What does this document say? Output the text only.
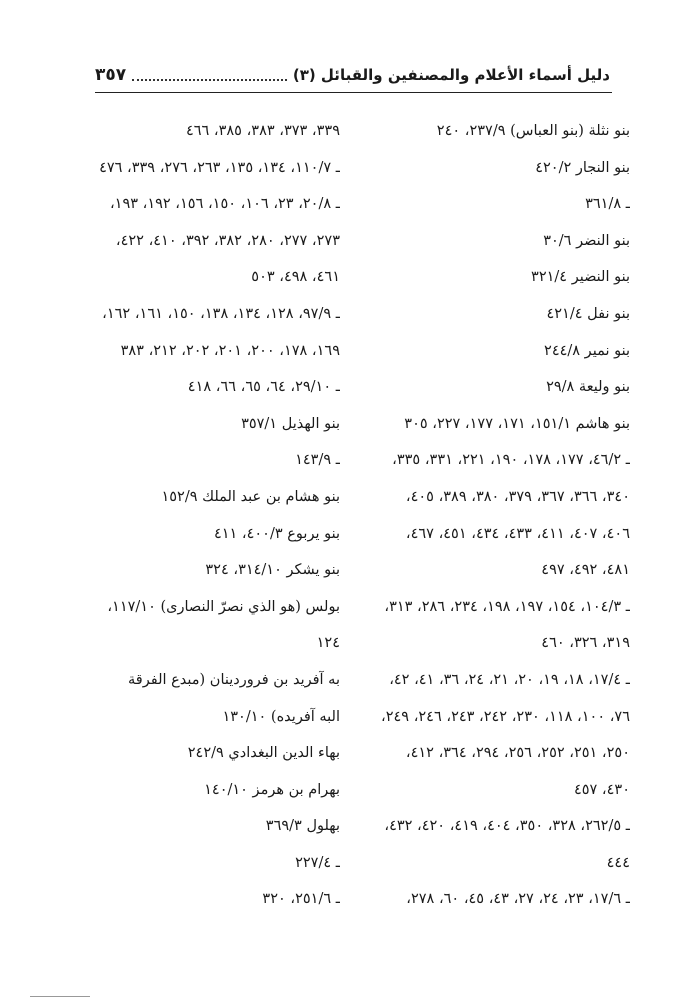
دليل أسماء الأعلام والمصنفين والقبائل (٣)
٣٥٧
بنو نثلة (بنو العباس) ٢٣٧/٩، ٢٤٠
بنو النجار ٤٢٠/٢
ـ ٣٦١/٨
بنو النضر ٣٠/٦
بنو النضير ٣٢١/٤
بنو نفل ٤٢١/٤
بنو نمير ٢٤٤/٨
بنو وليعة ٢٩/٨
بنو هاشم ١٥١/١، ١٧١، ١٧٧، ٢٢٧، ٣٠٥
ـ ٤٦/٢، ١٧٧، ١٧٨، ١٩٠، ٢٢١، ٣٣١، ٣٣٥،
٣٤٠، ٣٦٦، ٣٦٧، ٣٧٩، ٣٨٠، ٣٨٩، ٤٠٥،
٤٠٦، ٤٠٧، ٤١١، ٤٣٣، ٤٣٤، ٤٥١، ٤٦٧،
٤٨١، ٤٩٢، ٤٩٧
ـ ١٠٤/٣، ١٥٤، ١٩٧، ١٩٨، ٢٣٤، ٢٨٦، ٣١٣،
٣١٩، ٣٢٦، ٤٦٠
ـ ١٧/٤، ١٨، ١٩، ٢٠، ٢١، ٢٤، ٣٦، ٤١، ٤٢،
٧٦، ١٠٠، ١١٨، ٢٣٠، ٢٤٢، ٢٤٣، ٢٤٦، ٢٤٩،
٢٥٠، ٢٥١، ٢٥٢، ٢٥٦، ٢٩٤، ٣٦٤، ٤١٢،
٤٣٠، ٤٥٧
ـ ٢٦٢/٥، ٣٢٨، ٣٥٠، ٤٠٤، ٤١٩، ٤٢٠، ٤٣٢،
٤٤٤
ـ ١٧/٦، ٢٣، ٢٤، ٢٧، ٤٣، ٤٥، ٦٠، ٢٧٨،
٣٣٩، ٣٧٣، ٣٨٣، ٣٨٥، ٤٦٦
ـ ١١٠/٧، ١٣٤، ١٣٥، ٢٦٣، ٢٧٦، ٣٣٩، ٤٧٦
ـ ٢٠/٨، ٢٣، ١٠٦، ١٥٠، ١٥٦، ١٩٢، ١٩٣،
٢٧٣، ٢٧٧، ٢٨٠، ٣٨٢، ٣٩٢، ٤١٠، ٤٢٢،
٤٦١، ٤٩٨، ٥٠٣
ـ ٩٧/٩، ١٢٨، ١٣٤، ١٣٨، ١٥٠، ١٦١، ١٦٢،
١٦٩، ١٧٨، ٢٠٠، ٢٠١، ٢٠٢، ٢١٢، ٣٨٣
ـ ٢٩/١٠، ٦٤، ٦٥، ٦٦، ٤١٨
بنو الهذيل ٣٥٧/١
ـ ١٤٣/٩
بنو هشام بن عبد الملك ١٥٢/٩
بنو يربوع ٤٠٠/٣، ٤١١
بنو يشكر ٣١٤/١٠، ٣٢٤
بولس (هو الذي نصرّ النصارى) ١١٧/١٠،
١٢٤
به آفريد بن فروردينان (مبدع الفرقة
البه آفريده) ١٣٠/١٠
بهاء الدين البغدادي ٢٤٢/٩
بهرام بن هرمز ١٤٠/١٠
بهلول ٣٦٩/٣
ـ ٢٢٧/٤
ـ ٢٥١/٦، ٣٢٠
